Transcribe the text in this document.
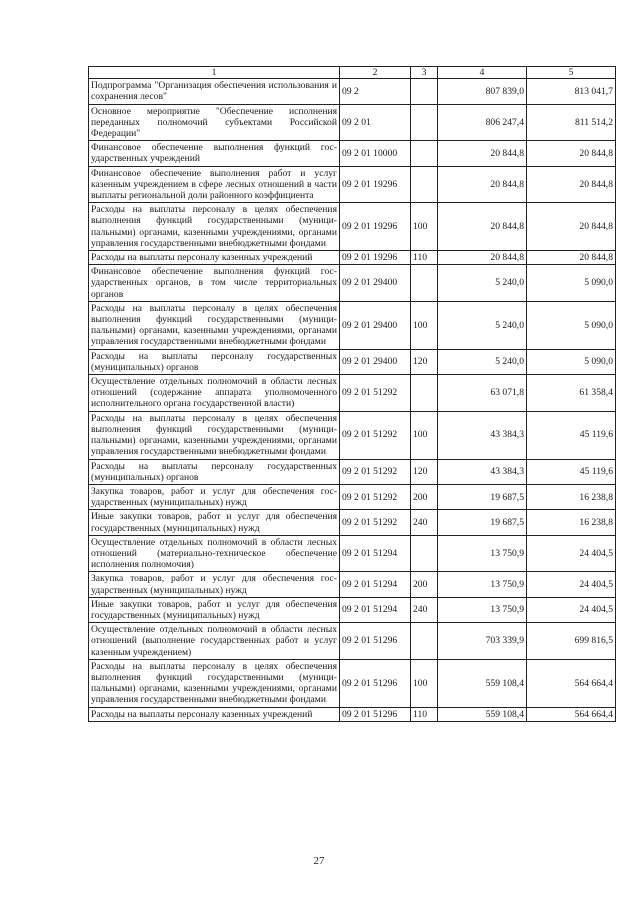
1	2	3	4	5
Подпрограмма "Организация обеспечения использования и сохранения лесов"	09 2		807 839,0	813 041,7
Основное мероприятие "Обеспечение исполнения переданных полномочий субъектами Российской Федерации"	09 2 01		806 247,4	811 514,2
Финансовое обеспечение выполнения функций государственных учреждений	09 2 01 10000		20 844,8	20 844,8
Финансовое обеспечение выполнения работ и услуг казенным учреждением в сфере лесных отношений в части выплаты региональной доли районного коэффициента	09 2 01 19296		20 844,8	20 844,8
Расходы на выплаты персоналу в целях обеспечения выполнения функций государственными (муниципальными) органами, казенными учреждениями, органами управления государственными внебюджетными фондами	09 2 01 19296	100	20 844,8	20 844,8
Расходы на выплаты персоналу казенных учреждений	09 2 01 19296	110	20 844,8	20 844,8
Финансовое обеспечение выполнения функций государственных органов, в том числе территориальных органов	09 2 01 29400		5 240,0	5 090,0
Расходы на выплаты персоналу в целях обеспечения выполнения функций государственными (муниципальными) органами, казенными учреждениями, органами управления государственными внебюджетными фондами	09 2 01 29400	100	5 240,0	5 090,0
Расходы на выплаты персоналу государственных (муниципальных) органов	09 2 01 29400	120	5 240,0	5 090,0
Осуществление отдельных полномочий в области лесных отношений (содержание аппарата уполномоченного исполнительного органа государственной власти)	09 2 01 51292		63 071,8	61 358,4
Расходы на выплаты персоналу в целях обеспечения выполнения функций государственными (муниципальными) органами, казенными учреждениями, органами управления государственными внебюджетными фондами	09 2 01 51292	100	43 384,3	45 119,6
Расходы на выплаты персоналу государственных (муниципальных) органов	09 2 01 51292	120	43 384,3	45 119,6
Закупка товаров, работ и услуг для обеспечения государственных (муниципальных) нужд	09 2 01 51292	200	19 687,5	16 238,8
Иные закупки товаров, работ и услуг для обеспечения государственных (муниципальных) нужд	09 2 01 51292	240	19 687,5	16 238,8
Осуществление отдельных полномочий в области лесных отношений (материально-техническое обеспечение исполнения полномочия)	09 2 01 51294		13 750,9	24 404,5
Закупка товаров, работ и услуг для обеспечения государственных (муниципальных) нужд	09 2 01 51294	200	13 750,9	24 404,5
Иные закупки товаров, работ и услуг для обеспечения государственных (муниципальных) нужд	09 2 01 51294	240	13 750,9	24 404,5
Осуществление отдельных полномочий в области лесных отношений (выполнение государственных работ и услуг казенным учреждением)	09 2 01 51296		703 339,9	699 816,5
Расходы на выплаты персоналу в целях обеспечения выполнения функций государственными (муниципальными) органами, казенными учреждениями, органами управления государственными внебюджетными фондами	09 2 01 51296	100	559 108,4	564 664,4
Расходы на выплаты персоналу казенных учреждений	09 2 01 51296	110	559 108,4	564 664,4
27
